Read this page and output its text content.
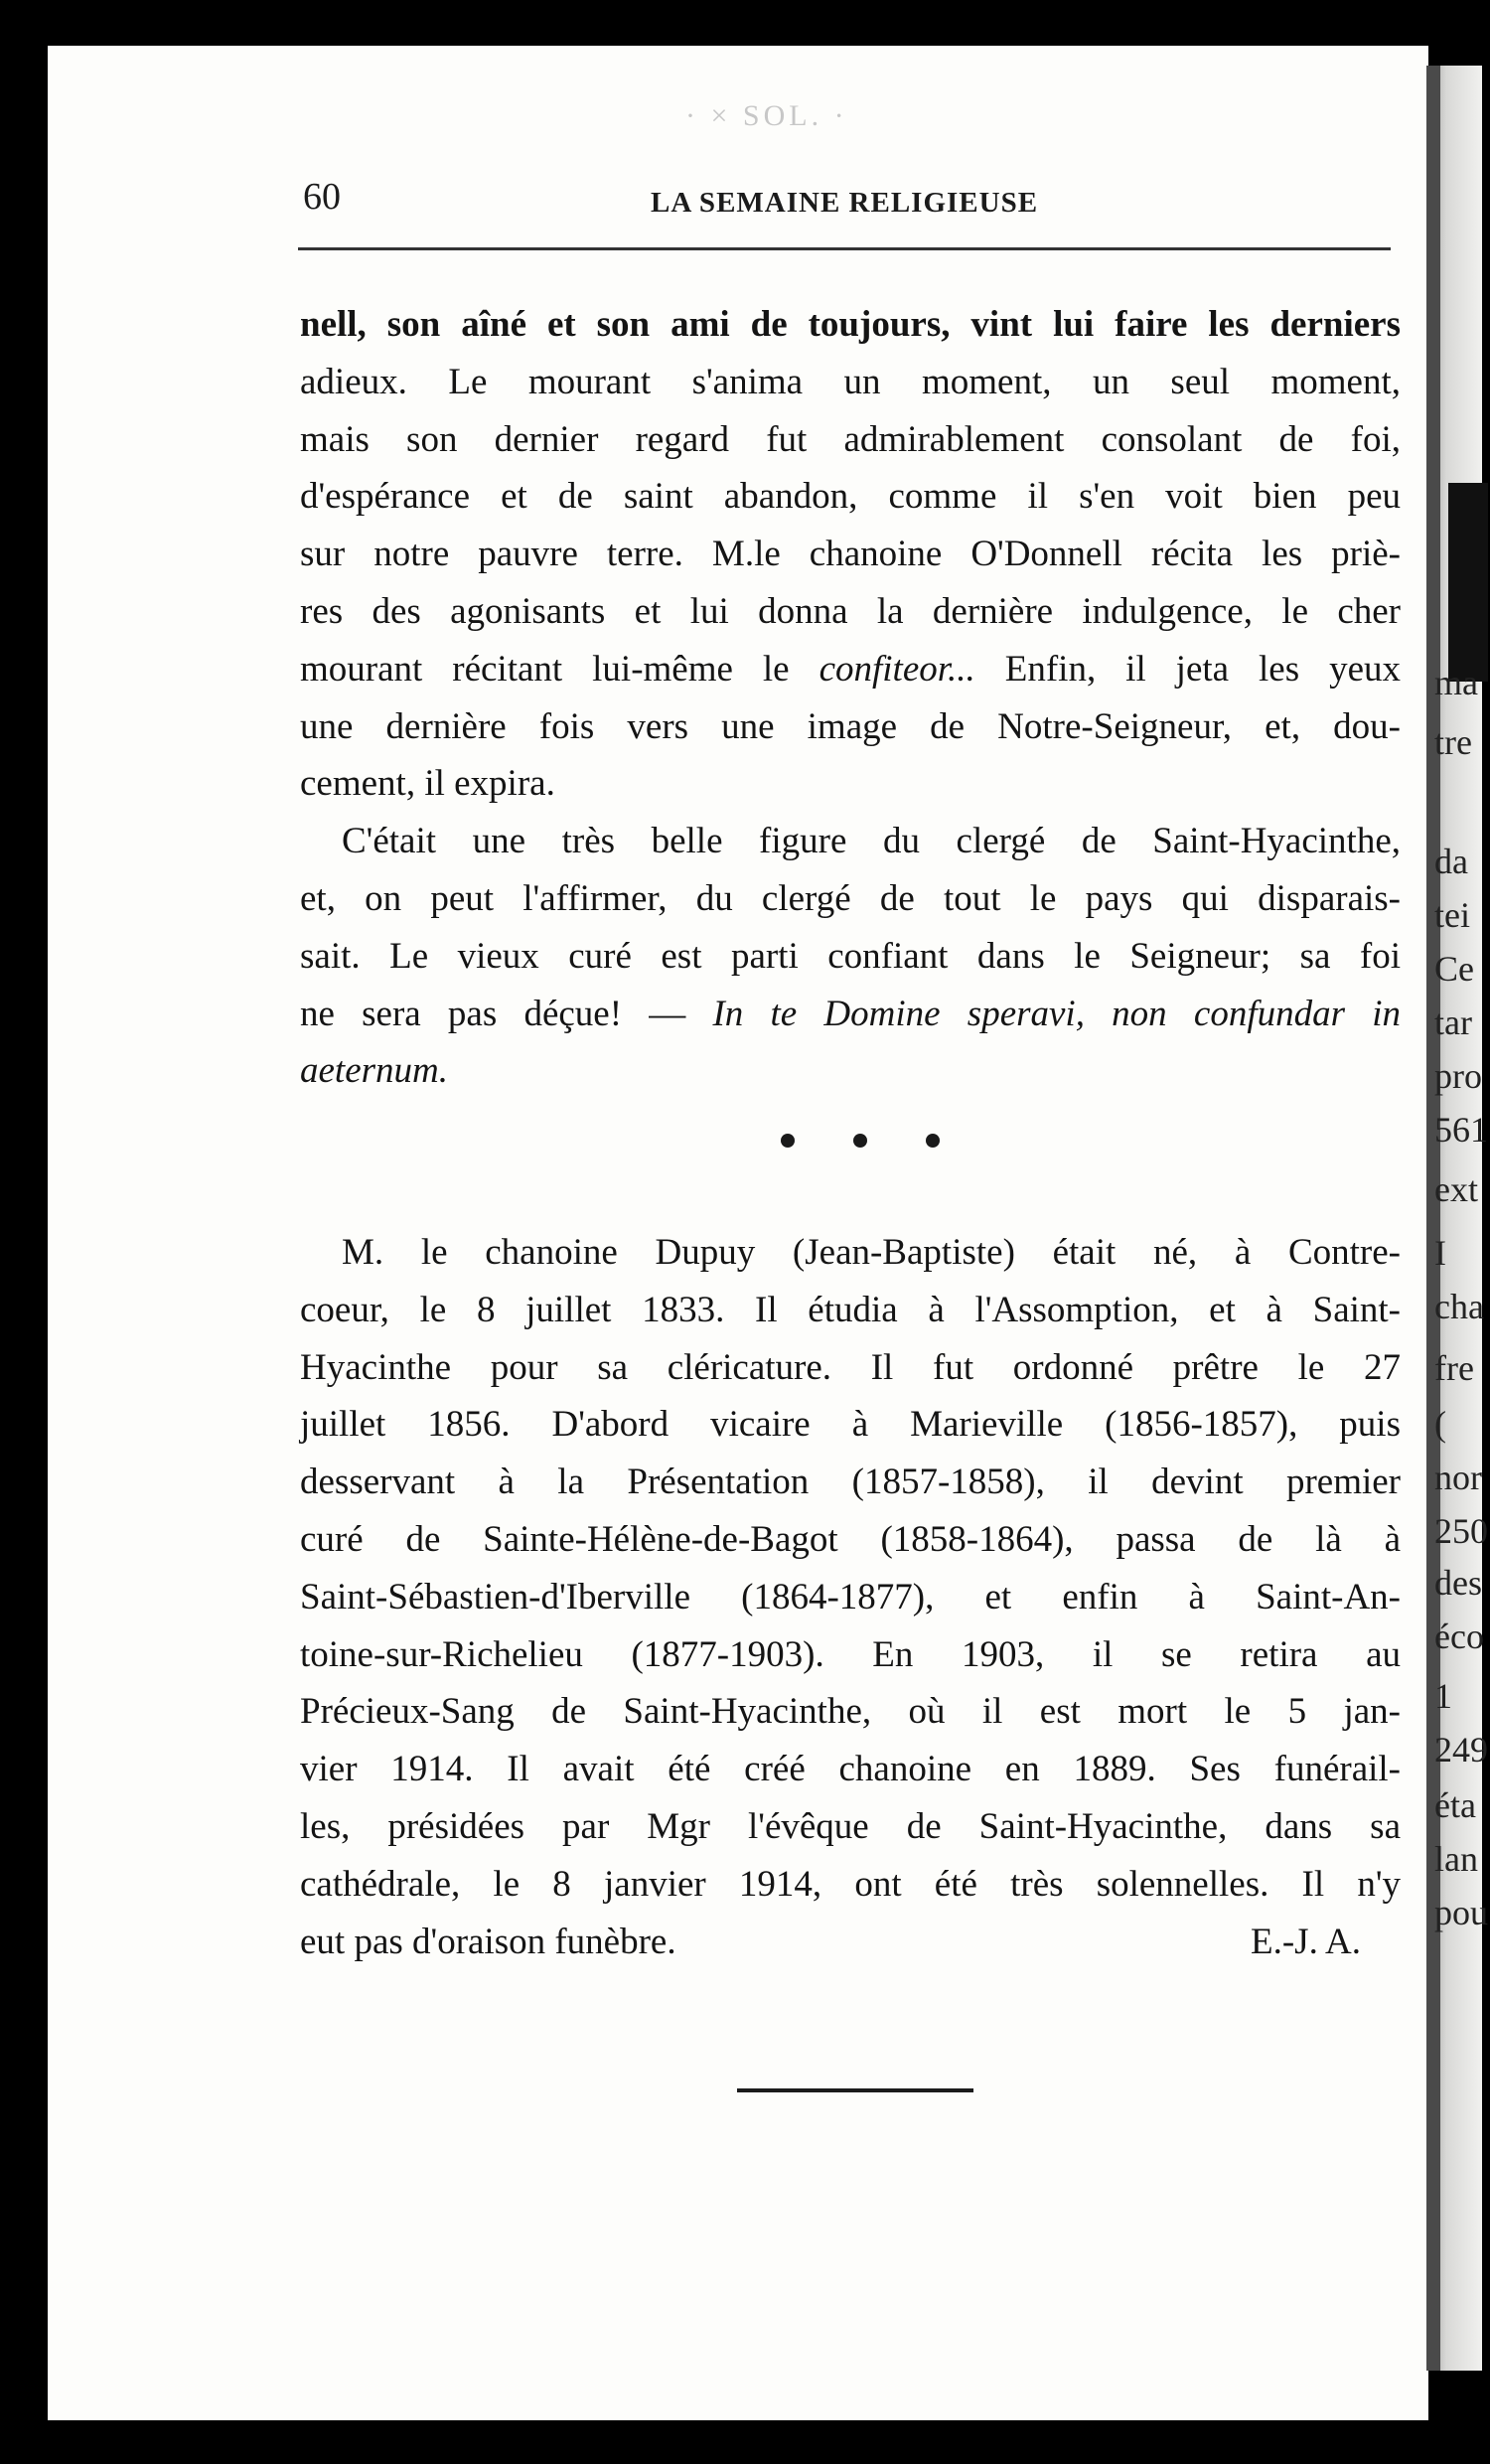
ma
tre
da
tei
Ce
tar
pro
561
ext
I
cha
fre
(
nor
250
des
éco
1
249
éta
lan
pou
· × SOL. ·
60	LA SEMAINE RELIGIEUSE
nell, son aîné et son ami de toujours, vint lui faire les derniers
adieux. Le mourant s'anima un moment, un seul moment,
mais son dernier regard fut admirablement consolant de foi,
d'espérance et de saint abandon, comme il s'en voit bien peu
sur notre pauvre terre. M.le chanoine O'Donnell récita les priè-
res des agonisants et lui donna la dernière indulgence, le cher
mourant récitant lui-même le confiteor... Enfin, il jeta les yeux
une dernière fois vers une image de Notre-Seigneur, et, dou-
cement, il expira.
C'était une très belle figure du clergé de Saint-Hyacinthe,
et, on peut l'affirmer, du clergé de tout le pays qui disparais-
sait. Le vieux curé est parti confiant dans le Seigneur; sa foi
ne sera pas déçue! — In te Domine speravi, non confundar in
aeternum.
M. le chanoine Dupuy (Jean-Baptiste) était né, à Contre-
coeur, le 8 juillet 1833. Il étudia à l'Assomption, et à Saint-
Hyacinthe pour sa cléricature. Il fut ordonné prêtre le 27
juillet 1856. D'abord vicaire à Marieville (1856-1857), puis
desservant à la Présentation (1857-1858), il devint premier
curé de Sainte-Hélène-de-Bagot (1858-1864), passa de là à
Saint-Sébastien-d'Iberville (1864-1877), et enfin à Saint-An-
toine-sur-Richelieu (1877-1903). En 1903, il se retira au
Précieux-Sang de Saint-Hyacinthe, où il est mort le 5 jan-
vier 1914. Il avait été créé chanoine en 1889. Ses funérail-
les, présidées par Mgr l'évêque de Saint-Hyacinthe, dans sa
cathédrale, le 8 janvier 1914, ont été très solennelles. Il n'y
eut pas d'oraison funèbre.	E.-J. A.
